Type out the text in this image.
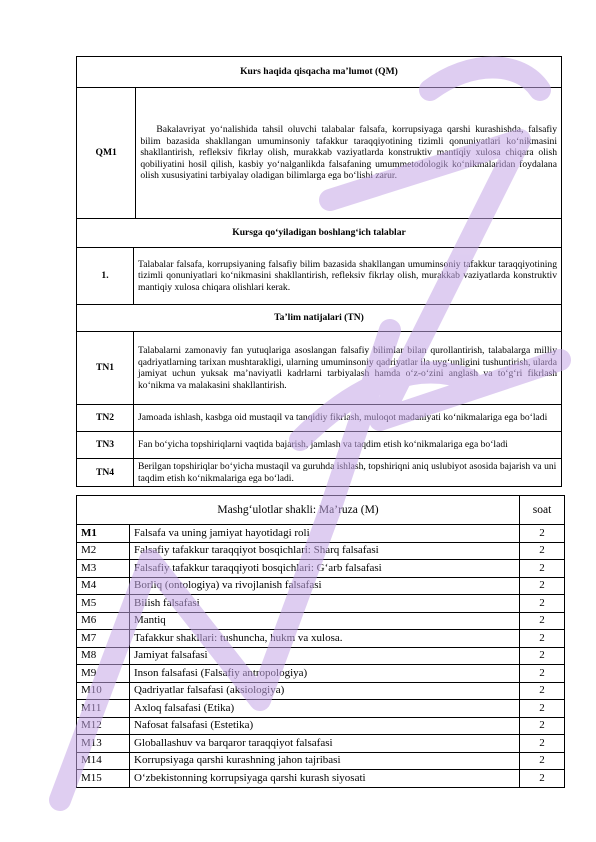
Kurs haqida qisqacha ma’lumot (QM)		
QM1		Bakalavriyat yo‘nalishida tahsil oluvchi talabalar falsafa, korrupsiyaga qarshi kurashishda, falsafiy bilim bazasida shakllangan umuminsoniy tafakkur taraqqiyotining tizimli qonuniyatlari ko‘nikmasini shakllantirish, refleksiv fikrlay olish, murakkab vaziyatlarda konstruktiv mantiqiy xulosa chiqara olish qobiliyatini hosil qilish, kasbiy yo‘nalganlikda falsafaning umummetodologik ko‘nikmalaridan foydalana olish xususiyatini tarbiyalay oladigan bilimlarga ega bo‘lishi zarur.
Kursga qo‘yiladigan boshlang‘ich talablar		
1.	Talabalar falsafa, korrupsiyaning falsafiy bilim bazasida shakllangan umuminsoniy tafakkur taraqqiyotining tizimli qonuniyatlari ko‘nikmasini shakllantirish, refleksiv fikrlay olish, murakkab vaziyatlarda konstruktiv mantiqiy xulosa chiqara olishlari kerak.	
Ta’lim natijalari (TN)		
TN1	Talabalarni zamonaviy fan yutuqlariga asoslangan falsafiy bilimlar bilan qurollantirish, talabalarga milliy qadriyatlarning tarixan mushtarakligi, ularning umuminsoniy qadriyatlar ila uyg‘unligini tushuntirish, ularda jamiyat uchun yuksak ma’naviyatli kadrlarni tarbiyalash hamda o‘z-o‘zini anglash va to‘g‘ri fikrlash ko‘nikma va malakasini shakllantirish.	
TN2	Jamoada ishlash, kasbga oid mustaqil va tanqidiy fikrlash, muloqot madaniyati ko‘nikmalariga ega bo‘ladi	
TN3	Fan bo‘yicha topshiriqlarni vaqtida bajarish, jamlash va taqdim etish ko‘nikmalariga ega bo‘ladi	
TN4	Berilgan topshiriqlar bo‘yicha mustaqil va guruhda ishlash, topshiriqni aniq uslubiyot asosida bajarish va uni taqdim etish ko‘nikmalariga ega bo‘ladi.	
Mashg‘ulotlar shakli: Ma’ruza (M)		soat
M1	Falsafa va uning jamiyat hayotidagi roli	2
M2	Falsafiy tafakkur taraqqiyot bosqichlari: Sharq falsafasi	2
M3	Falsafiy tafakkur taraqqiyoti bosqichlari: G‘arb falsafasi	2
M4	Borliq (ontologiya) va rivojlanish falsafasi	2
M5	Bilish falsafasi	2
M6	Mantiq	2
M7	Tafakkur shakllari: tushuncha, hukm va xulosa.	2
M8	Jamiyat falsafasi	2
M9	Inson falsafasi (Falsafiy antropologiya)	2
M10	Qadriyatlar falsafasi (aksiologiya)	2
M11	Axloq falsafasi (Etika)	2
M12	Nafosat falsafasi (Estetika)	2
M13	Globallashuv va barqaror taraqqiyot falsafasi	2
M14	Korrupsiyaga qarshi kurashning jahon tajribasi	2
M15	O‘zbekistonning korrupsiyaga qarshi kurash siyosati	2
